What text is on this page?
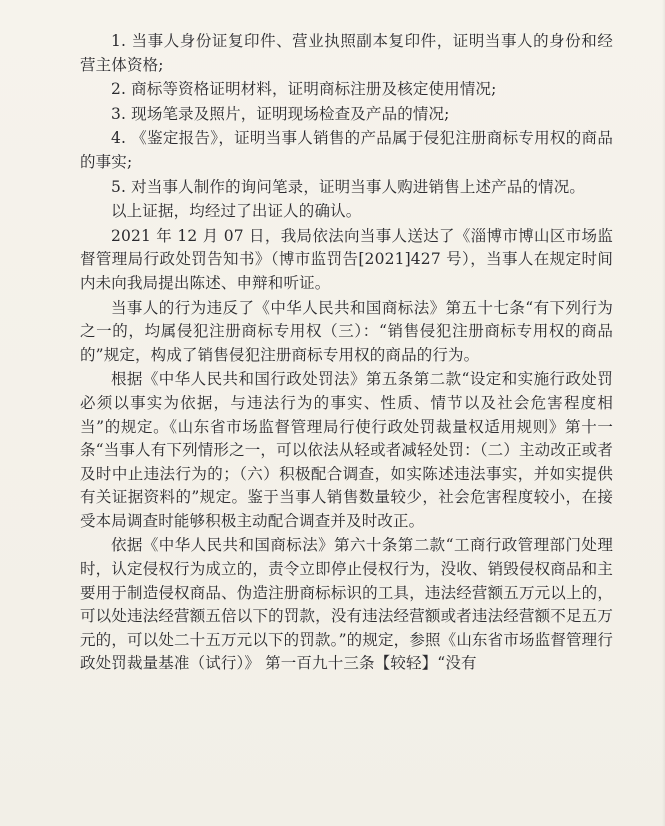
1. 当事人身份证复印件、营业执照副本复印件，证明当事人的身份和经营主体资格;

2. 商标等资格证明材料，证明商标注册及核定使用情况;

3. 现场笔录及照片，证明现场检查及产品的情况;

4. 《鉴定报告》，证明当事人销售的产品属于侵犯注册商标专用权的商品的事实;

5. 对当事人制作的询问笔录，证明当事人购进销售上述产品的情况。

以上证据，均经过了出证人的确认。

2021 年 12 月 07 日，我局依法向当事人送达了《淄博市博山区市场监督管理局行政处罚告知书》（博市监罚告[2021]427 号），当事人在规定时间内未向我局提出陈述、申辩和听证。

当事人的行为违反了《中华人民共和国商标法》第五十七条“有下列行为之一的，均属侵犯注册商标专用权（三）：“销售侵犯注册商标专用权的商品的”规定，构成了销售侵犯注册商标专用权的商品的行为。

根据《中华人民共和国行政处罚法》第五条第二款“设定和实施行政处罚必须以事实为依据，与违法行为的事实、性质、情节以及社会危害程度相当”的规定。《山东省市场监督管理局行使行政处罚裁量权适用规则》第十一条“当事人有下列情形之一，可以依法从轻或者减轻处罚：（二）主动改正或者及时中止违法行为的；（六）积极配合调查，如实陈述违法事实，并如实提供有关证据资料的”规定。鉴于当事人销售数量较少，社会危害程度较小，在接受本局调查时能够积极主动配合调查并及时改正。

依据《中华人民共和国商标法》第六十条第二款“工商行政管理部门处理时，认定侵权行为成立的，责令立即停止侵权行为，没收、销毁侵权商品和主要用于制造侵权商品、伪造注册商标标识的工具，违法经营额五万元以上的，可以处违法经营额五倍以下的罚款，没有违法经营额或者违法经营额不足五万元的，可以处二十五万元以下的罚款。”的规定，参照《山东省市场监督管理行政处罚裁量基准（试行）》 第一百九十三条【较轻】“没有
